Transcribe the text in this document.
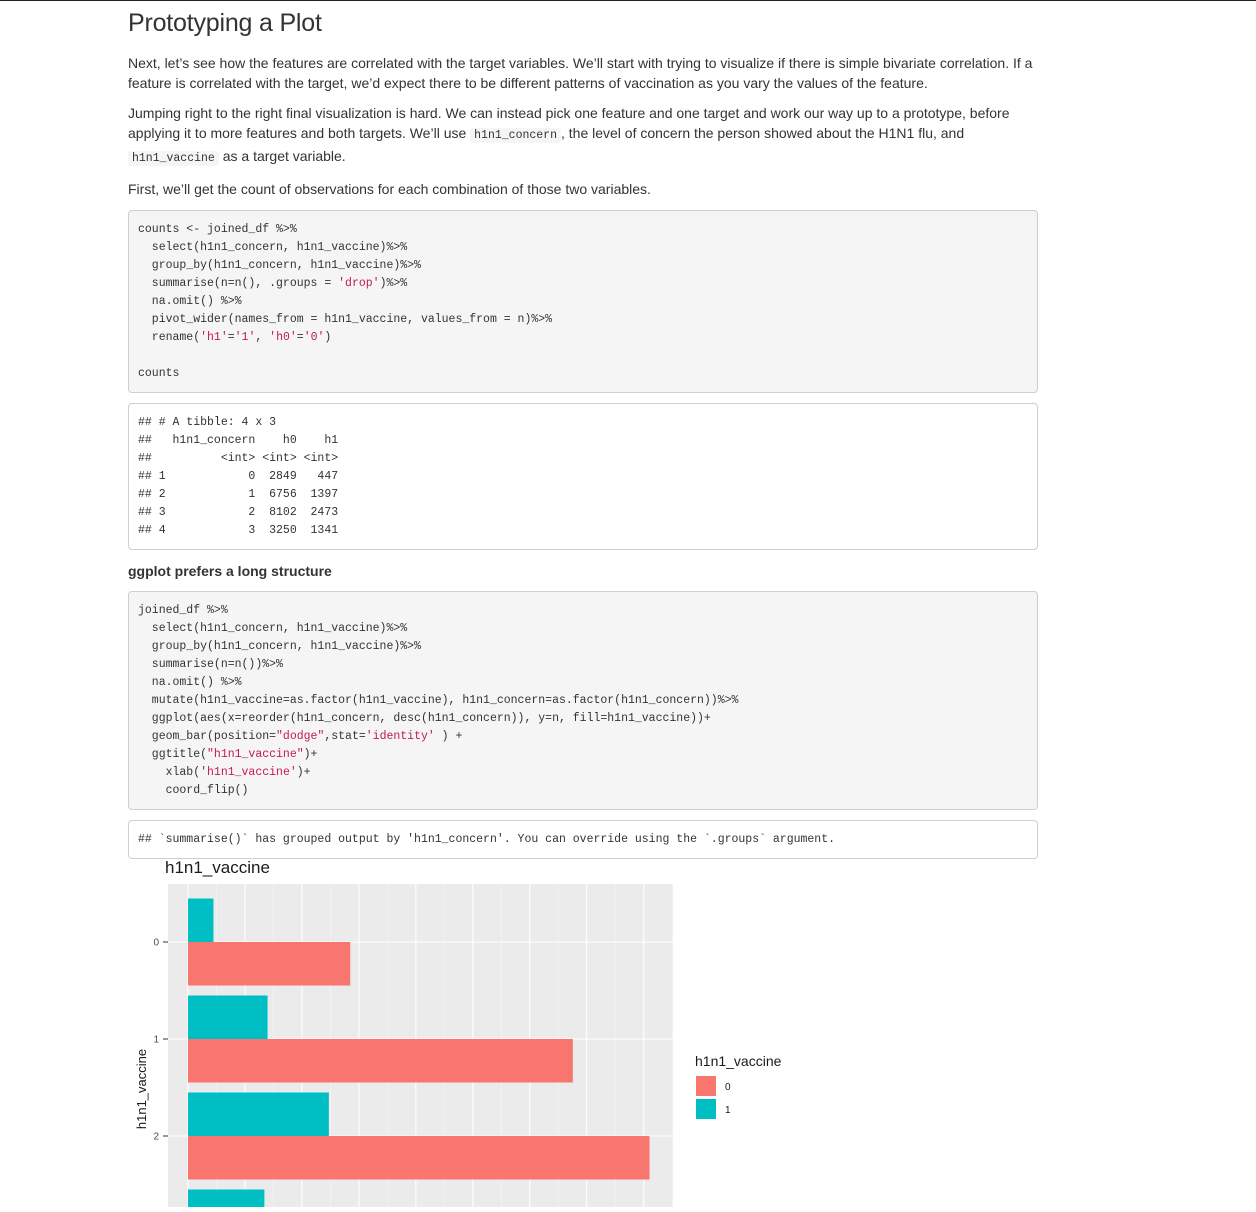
Prototyping a Plot

Next, let’s see how the features are correlated with the target variables. We’ll start with trying to visualize if there is simple bivariate correlation. If a feature is correlated with the target, we’d expect there to be different patterns of vaccination as you vary the values of the feature.

Jumping right to the right final visualization is hard. We can instead pick one feature and one target and work our way up to a prototype, before applying it to more features and both targets. We’ll use h1n1_concern , the level of concern the person showed about the H1N1 flu, and h1n1_vaccine as a target variable.

First, we’ll get the count of observations for each combination of those two variables.

counts <- joined_df %>%
select(h1n1_concern, h1n1_vaccine)%>%
group_by(h1n1_concern, h1n1_vaccine)%>%
summarise(n=n(), .groups = 'drop')%>%
na.omit() %>%
pivot_wider(names_from = h1n1_vaccine, values_from = n)%>%
rename('h1'='1', 'h0'='0')
counts
## # A tibble: 4 x 3
##   h1n1_concern    h0    h1
##          <int> <int> <int>
## 1            0  2849   447
## 2            1  6756  1397
## 3            2  8102  2473
## 4            3  3250  1341
ggplot prefers a long structure
joined_df %>%
select(h1n1_concern, h1n1_vaccine)%>%
group_by(h1n1_concern, h1n1_vaccine)%>%
summarise(n=n())%>%
na.omit() %>%
mutate(h1n1_vaccine=as.factor(h1n1_vaccine), h1n1_concern=as.factor(h1n1_concern))%>%
ggplot(aes(x=reorder(h1n1_concern, desc(h1n1_concern)), y=n, fill=h1n1_vaccine))+
geom_bar(position="dodge",stat='identity' ) +
ggtitle("h1n1_vaccine")+
xlab('h1n1_vaccine')+
coord_flip()
## `summarise()` has grouped output by 'h1n1_concern'. You can override using the `.groups` argument.
h1n1_vaccine
0
1
2
h1n1_vaccine	h1n1_vaccine
0
1
